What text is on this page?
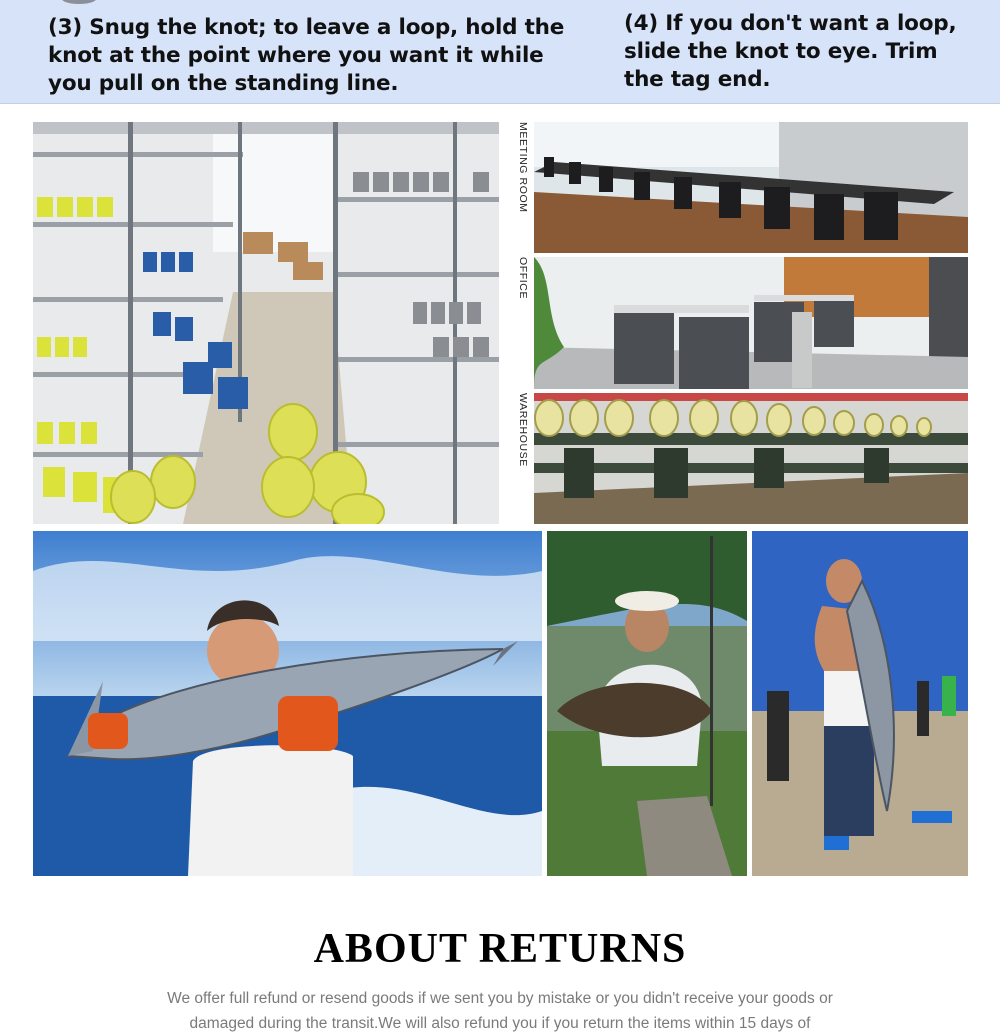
(3) Snug the knot; to leave a loop, hold the knot at the point where you want it while you pull on the standing line.
(4) If you don't want a loop, slide the knot to eye. Trim the tag end.
MEETING ROOM
OFFICE
WAREHOUSE
ABOUT RETURNS
We offer full refund or resend goods if we sent you by mistake or you didn't receive your goods or damaged during the transit.We will also refund you if you return the items within 15 days of
